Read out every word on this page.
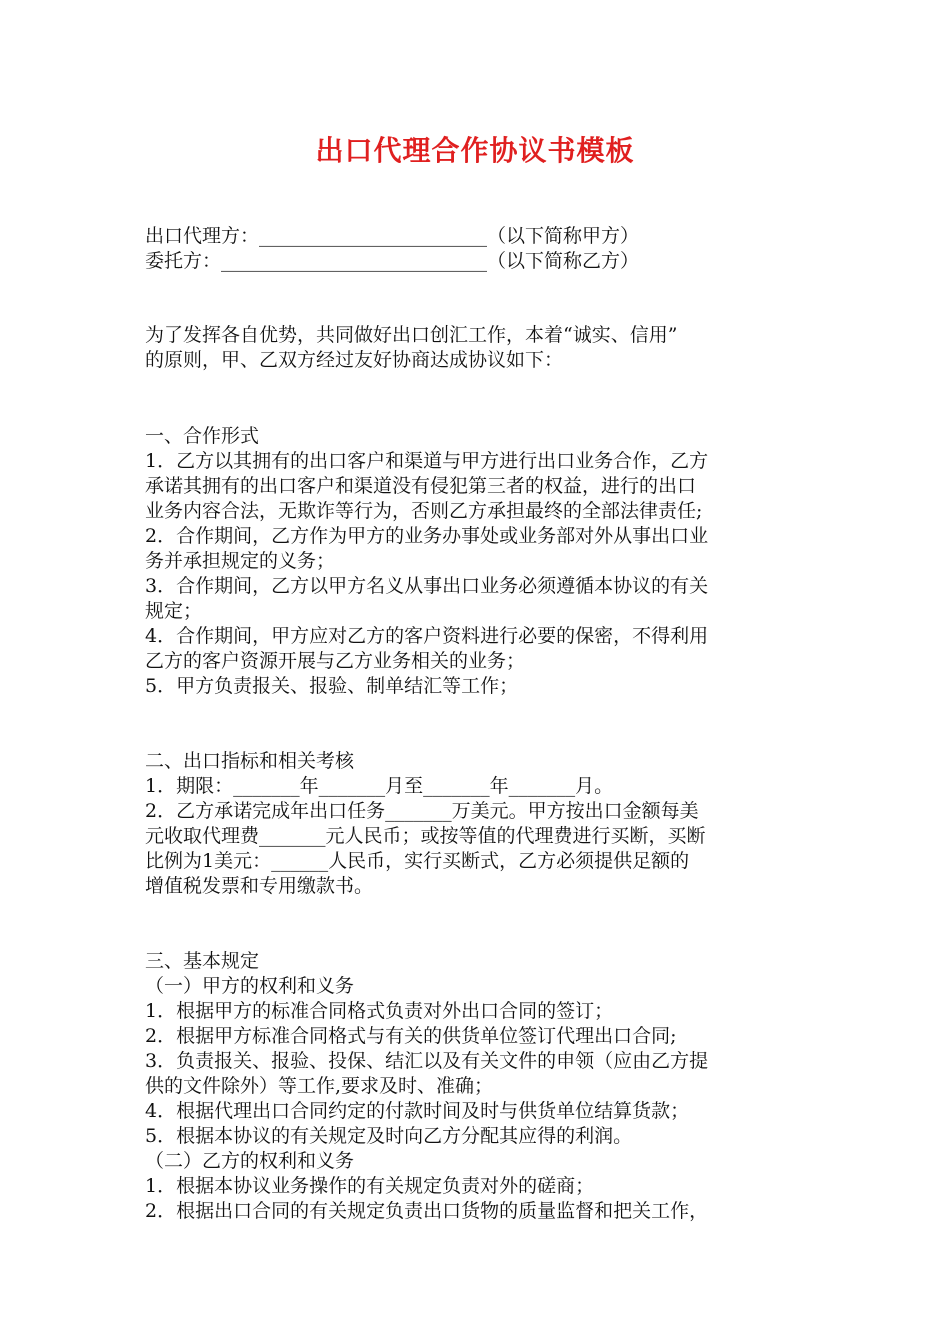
出口代理合作协议书模板
出口代理方：________________________（以下简称甲方）
委托方：____________________________（以下简称乙方）
为了发挥各自优势，共同做好出口创汇工作，本着“诚实、信用”
的原则，甲、乙双方经过友好协商达成协议如下：
一、合作形式
1．乙方以其拥有的出口客户和渠道与甲方进行出口业务合作，乙方
承诺其拥有的出口客户和渠道没有侵犯第三者的权益，进行的出口
业务内容合法，无欺诈等行为，否则乙方承担最终的全部法律责任;
2．合作期间，乙方作为甲方的业务办事处或业务部对外从事出口业
务并承担规定的义务；
3．合作期间，乙方以甲方名义从事出口业务必须遵循本协议的有关
规定；
4．合作期间，甲方应对乙方的客户资料进行必要的保密，不得利用
乙方的客户资源开展与乙方业务相关的业务；
5．甲方负责报关、报验、制单结汇等工作；
二、出口指标和相关考核
1．期限：_______年_______月至_______年_______月。
2．乙方承诺完成年出口任务_______万美元。甲方按出口金额每美
元收取代理费_______元人民币；或按等值的代理费进行买断，买断
比例为1美元：______人民币，实行买断式，乙方必须提供足额的
增值税发票和专用缴款书。
三、基本规定
（一）甲方的权利和义务
1．根据甲方的标准合同格式负责对外出口合同的签订；
2．根据甲方标准合同格式与有关的供货单位签订代理出口合同;
3．负责报关、报验、投保、结汇以及有关文件的申领（应由乙方提
供的文件除外）等工作,要求及时、准确；
4．根据代理出口合同约定的付款时间及时与供货单位结算货款；
5．根据本协议的有关规定及时向乙方分配其应得的利润。
（二）乙方的权利和义务
1．根据本协议业务操作的有关规定负责对外的磋商；
2．根据出口合同的有关规定负责出口货物的质量监督和把关工作，
